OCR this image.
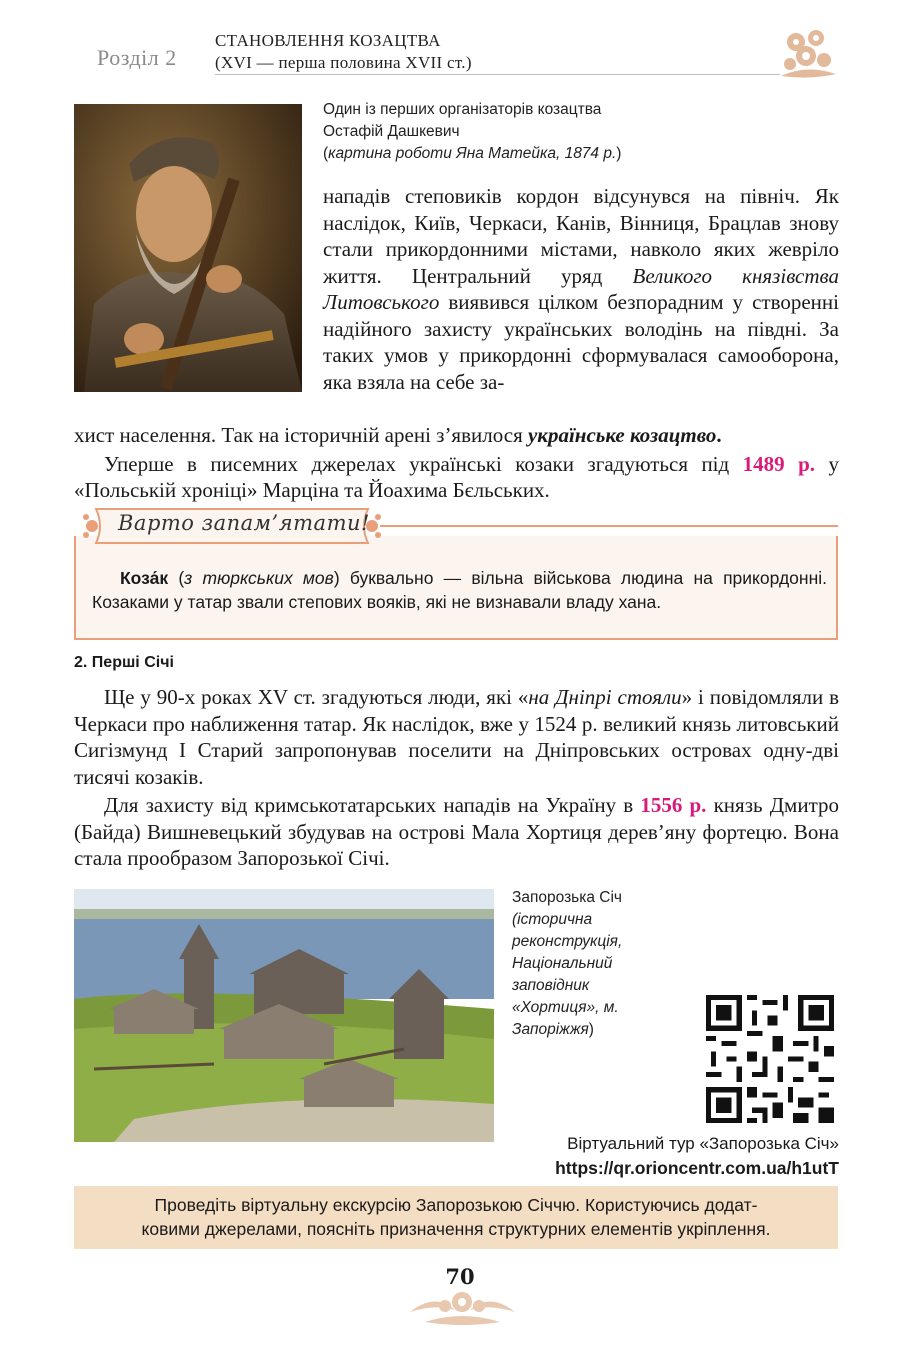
Розділ 2
СТАНОВЛЕННЯ КОЗАЦТВА
(XVI — перша половина XVII ст.)
Один із перших організаторів козацтва
Остафій Дашкевич
(картина роботи Яна Матейка, 1874 р.)

нападів степовиків кордон відсунувся на північ. Як наслідок, Київ, Черкаси, Канів, Вінниця, Брацлав знову стали прикордонними містами, навколо яких жевріло життя. Центральний уряд Великого князівства Литовського виявився цілком безпорадним у створенні надійного захисту українських володінь на півдні. За таких умов у прикордонні сформувалася самооборона, яка взяла на себе за-

хист населення. Так на історичній арені з’явилося українське козацтво.

Уперше в писемних джерелах українські козаки згадуються під 1489 р. у «Польській хроніці» Марціна та Йоахима Бєльських.

Варто запам’ятати!
Коза́к (з тюркських мов) буквально — вільна військова людина на прикордонні. Козаками у татар звали степових вояків, які не визнавали владу хана.
2. Перші Січі

Ще у 90-х роках XV ст. згадуються люди, які «на Дніпрі стояли» і повідомляли в Черкаси про наближення татар. Як наслідок, вже у 1524 р. великий князь литовський Сигізмунд I Старий запропонував поселити на Дніпровських островах одну-дві тисячі козаків.

Для захисту від кримськотатарських нападів на Україну в 1556 р. князь Дмитро (Байда) Вишневецький збудував на острові Мала Хортиця дерев’яну фортецю. Вона стала прообразом Запорозької Січі.

Запорозька Січ
(історична реконструкція, Національний заповідник «Хортиця», м. Запоріжжя)
Віртуальний тур «Запорозька Січ»
https://qr.orioncentr.com.ua/h1utT
Проведіть віртуальну екскурсію Запорозькою Січчю. Користуючись додат-
ковими джерелами, поясніть призначення структурних елементів укріплення.
70
